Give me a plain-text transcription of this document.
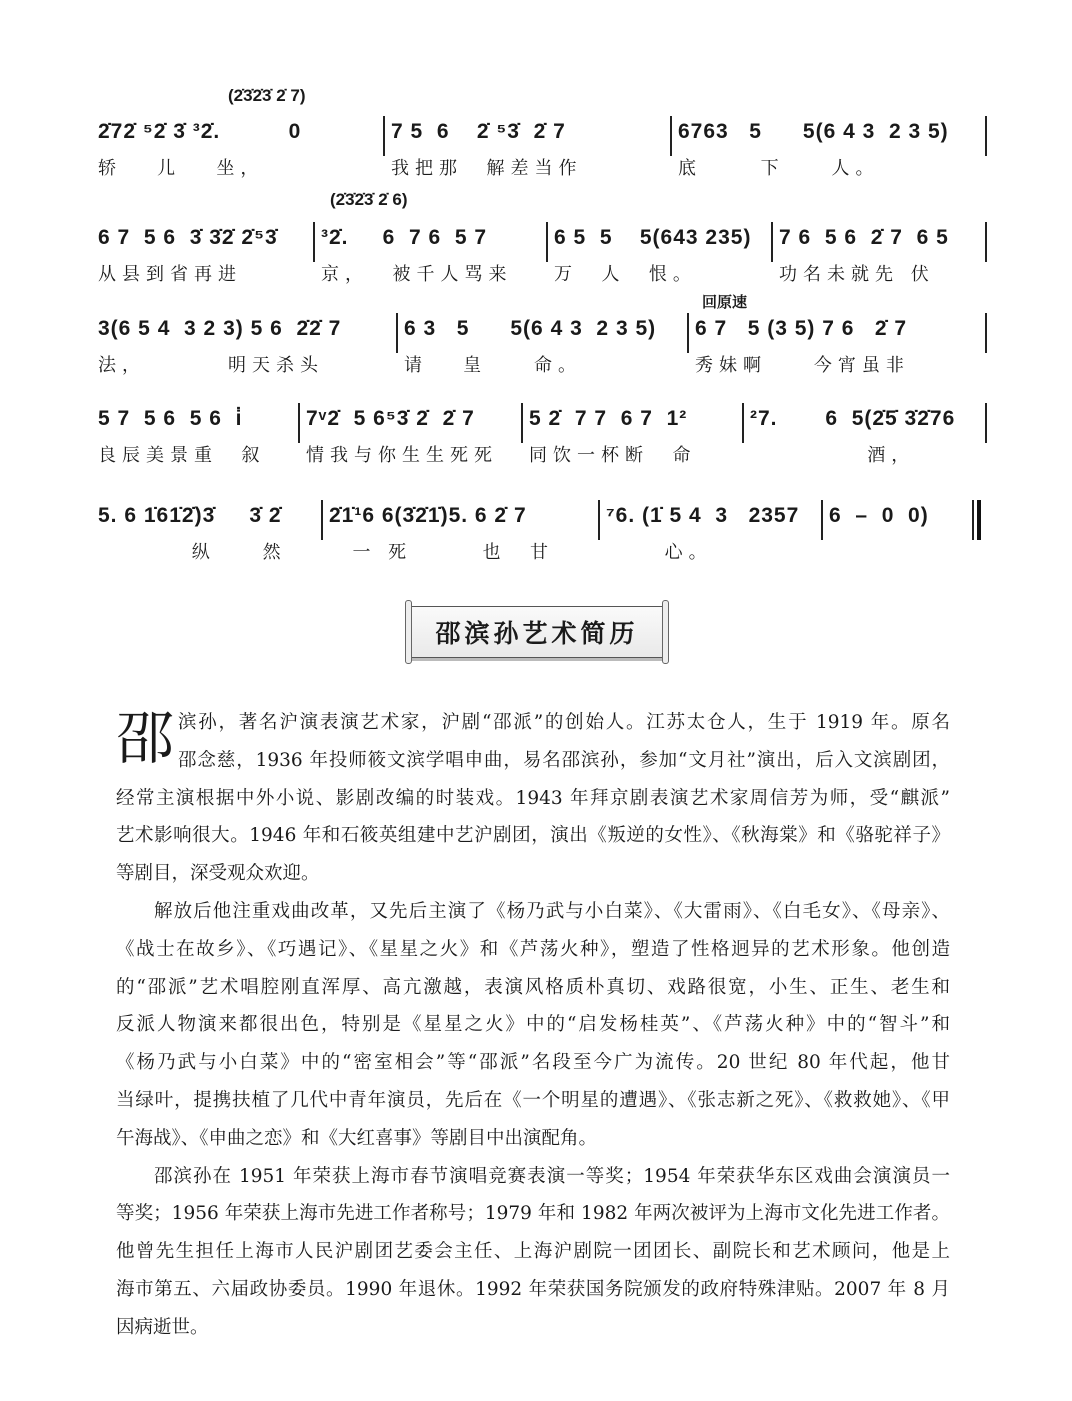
(2̇3̇2̇3̇ 2̇ 7)
2̇72̇ ⁵2̇ 3̇ ³2̇.          0
轿   儿   坐，
7 5  6    2̇ ⁵3̇  2̇ 7
我把那  解差当作
6763   5      5(6 4 3  2 3 5)
底     下    人。
(2̇3̇2̇3̇ 2̇ 6)
6 7  5 6  3̇ 3̇2̇ 2̇⁵3̇
从县到省再进
³2̇.     6  7 6  5 7
京，  被千人骂来
6 5  5    5(643 235)
万  人  恨。
7 6  5 6  2̇ 7  6 5
功名未就先 伏
回原速
3(6 5 4  3 2 3) 5 6  2̇2̇ 7
法，       明天杀头
6 3   5      5(6 4 3  2 3 5)
请   皇    命。
6 7   5 (3 5) 7 6   2̇ 7
秀妹啊    今宵虽非
5 7  5 6  5 6  i̇
良辰美景重  叙
7ᵛ2̇  5 6⁵3̇ 2̇  2̇ 7
情我与你生生死死
5 2̇  7 7  6 7  1²
同饮一杯断  命
²7.       6  5(2̇5̇ 3̇2̇76
酒，
5. 6 1̇61̇2̇)3̇     3̇ 2̇
纵    然
2̇1̇¹6 6(3̇2̇1̇)5. 6 2̇ 7
一 死      也  甘
⁷6. (1̇ 5 4  3   2357
心。
6  –  0  0)
邵滨孙艺术简历
邵 滨孙，著名沪演表演艺术家，沪剧“邵派”的创始人。江苏太仓人，生于 1919 年。原名
邵念慈，1936 年投师筱文滨学唱申曲，易名邵滨孙，参加“文月社”演出，后入文滨剧团，
经常主演根据中外小说、影剧改编的时装戏。1943 年拜京剧表演艺术家周信芳为师，受“麒派”
艺术影响很大。1946 年和石筱英组建中艺沪剧团，演出《叛逆的女性》、《秋海棠》和《骆驼祥子》
等剧目，深受观众欢迎。
解放后他注重戏曲改革，又先后主演了《杨乃武与小白菜》、《大雷雨》、《白毛女》、《母亲》、
《战士在故乡》、《巧遇记》、《星星之火》和《芦荡火种》，塑造了性格迥异的艺术形象。他创造
的“邵派”艺术唱腔刚直浑厚、高亢激越，表演风格质朴真切、戏路很宽，小生、正生、老生和
反派人物演来都很出色，特别是《星星之火》中的“启发杨桂英”、《芦荡火种》中的“智斗”和
《杨乃武与小白菜》中的“密室相会”等“邵派”名段至今广为流传。20 世纪 80 年代起，他甘
当绿叶，提携扶植了几代中青年演员，先后在《一个明星的遭遇》、《张志新之死》、《救救她》、《甲
午海战》、《申曲之恋》和《大红喜事》等剧目中出演配角。
邵滨孙在 1951 年荣获上海市春节演唱竞赛表演一等奖；1954 年荣获华东区戏曲会演演员一
等奖；1956 年荣获上海市先进工作者称号；1979 年和 1982 年两次被评为上海市文化先进工作者。
他曾先生担任上海市人民沪剧团艺委会主任、上海沪剧院一团团长、副院长和艺术顾问，他是上
海市第五、六届政协委员。1990 年退休。1992 年荣获国务院颁发的政府特殊津贴。2007 年 8 月
因病逝世。
